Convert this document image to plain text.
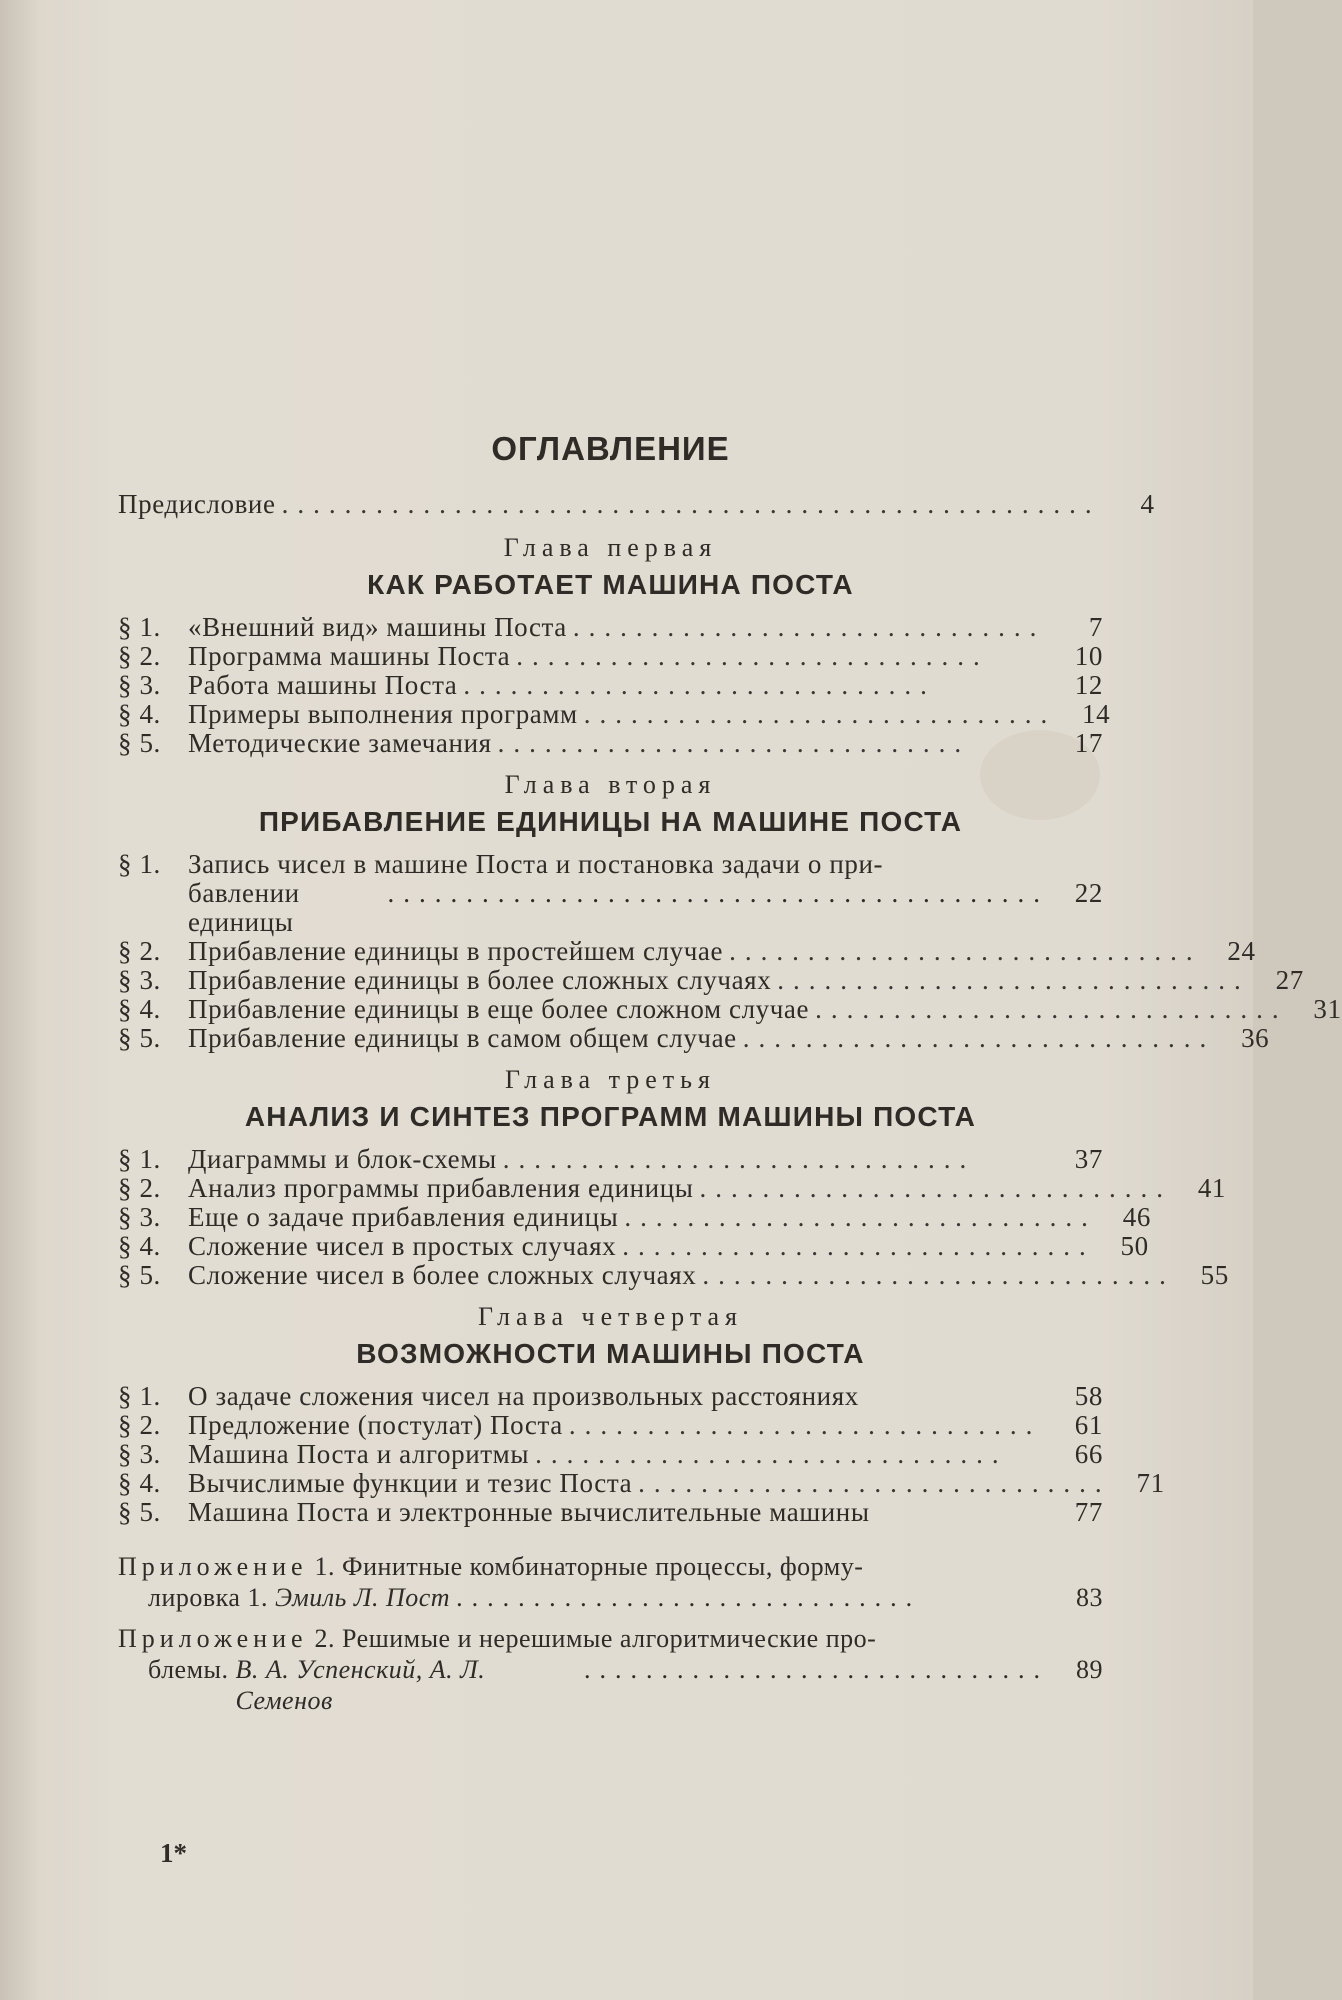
ОГЛАВЛЕНИЕ
Предисловие ....................................................	4
Глава первая
КАК РАБОТАЕТ МАШИНА ПОСТА
§ 1.	«Внешний вид» машины Поста ..............................	7
§ 2.	Программа машины Поста ..............................	10
§ 3.	Работа машины Поста ..............................	12
§ 4.	Примеры выполнения программ .............................. 14
§ 5.	Методические замечания ..............................	17
Глава вторая
ПРИБАВЛЕНИЕ ЕДИНИЦЫ НА МАШИНЕ ПОСТА
§ 1.	Запись чисел в машине Поста и постановка задачи о при-
бавлении единицы
.......................................... 22
§ 2.	Прибавление единицы в простейшем случае .............................. 24
§ 3.	Прибавление единицы в более сложных случаях .............................. 27
§ 4.	Прибавление единицы в еще более сложном случае .............................. 31
§ 5.	Прибавление единицы в самом общем случае .............................. 36
Глава третья
АНАЛИЗ И СИНТЕЗ ПРОГРАММ МАШИНЫ ПОСТА
§ 1.	Диаграммы и блок-схемы ..............................	37
§ 2.	Анализ программы прибавления единицы .............................. 41
§ 3.	Еще о задаче прибавления единицы .............................. 46
§ 4.	Сложение чисел в простых случаях .............................. 50
§ 5.	Сложение чисел в более сложных случаях .............................. 55
Глава четвертая
ВОЗМОЖНОСТИ МАШИНЫ ПОСТА
§ 1.	О задаче сложения чисел на произвольных расстояниях	58
§ 2.	Предложение (постулат) Поста ..............................	61
§ 3.	Машина Поста и алгоритмы ..............................	66
§ 4.	Вычислимые функции и тезис Поста .............................. 71
§ 5.	Машина Поста и электронные вычислительные машины	77
Приложение 1. Финитные комбинаторные процессы, форму-
лировка 1.
Эмиль Л. Пост ..............................	83
Приложение 2. Решимые и нерешимые алгоритмические про-
блемы.
В. А. Успенский, А. Л. Семенов
..............................	89
1*
